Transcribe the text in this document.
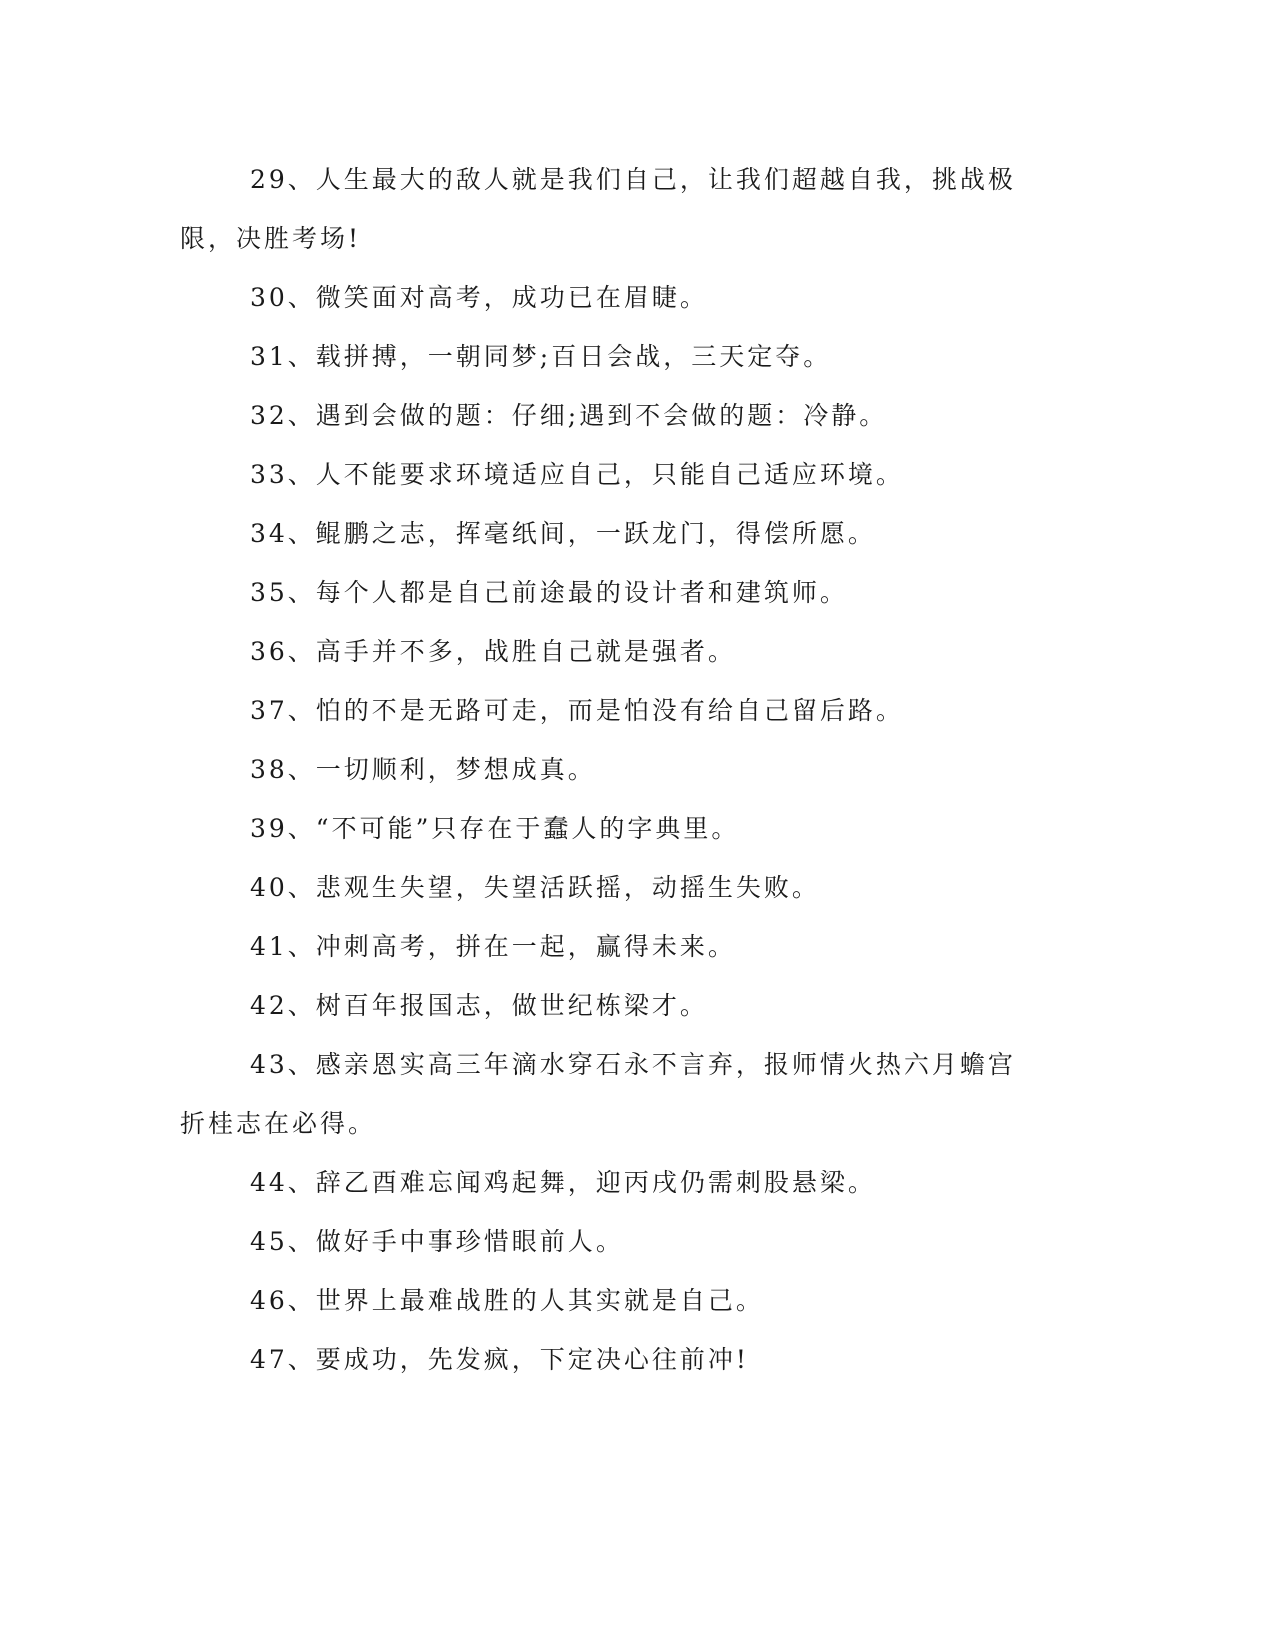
29、人生最大的敌人就是我们自己，让我们超越自我，挑战极限，决胜考场!

30、微笑面对高考，成功已在眉睫。

31、载拼搏，一朝同梦;百日会战，三天定夺。

32、遇到会做的题：仔细;遇到不会做的题：冷静。

33、人不能要求环境适应自己，只能自己适应环境。

34、鲲鹏之志，挥毫纸间，一跃龙门，得偿所愿。

35、每个人都是自己前途最的设计者和建筑师。

36、高手并不多，战胜自己就是强者。

37、怕的不是无路可走，而是怕没有给自己留后路。

38、一切顺利，梦想成真。

39、“不可能”只存在于蠢人的字典里。

40、悲观生失望，失望活跃摇，动摇生失败。

41、冲刺高考，拼在一起，赢得未来。

42、树百年报国志，做世纪栋梁才。

43、感亲恩实高三年滴水穿石永不言弃，报师情火热六月蟾宫折桂志在必得。

44、辞乙酉难忘闻鸡起舞，迎丙戌仍需刺股悬梁。

45、做好手中事珍惜眼前人。

46、世界上最难战胜的人其实就是自己。

47、要成功，先发疯，下定决心往前冲!
